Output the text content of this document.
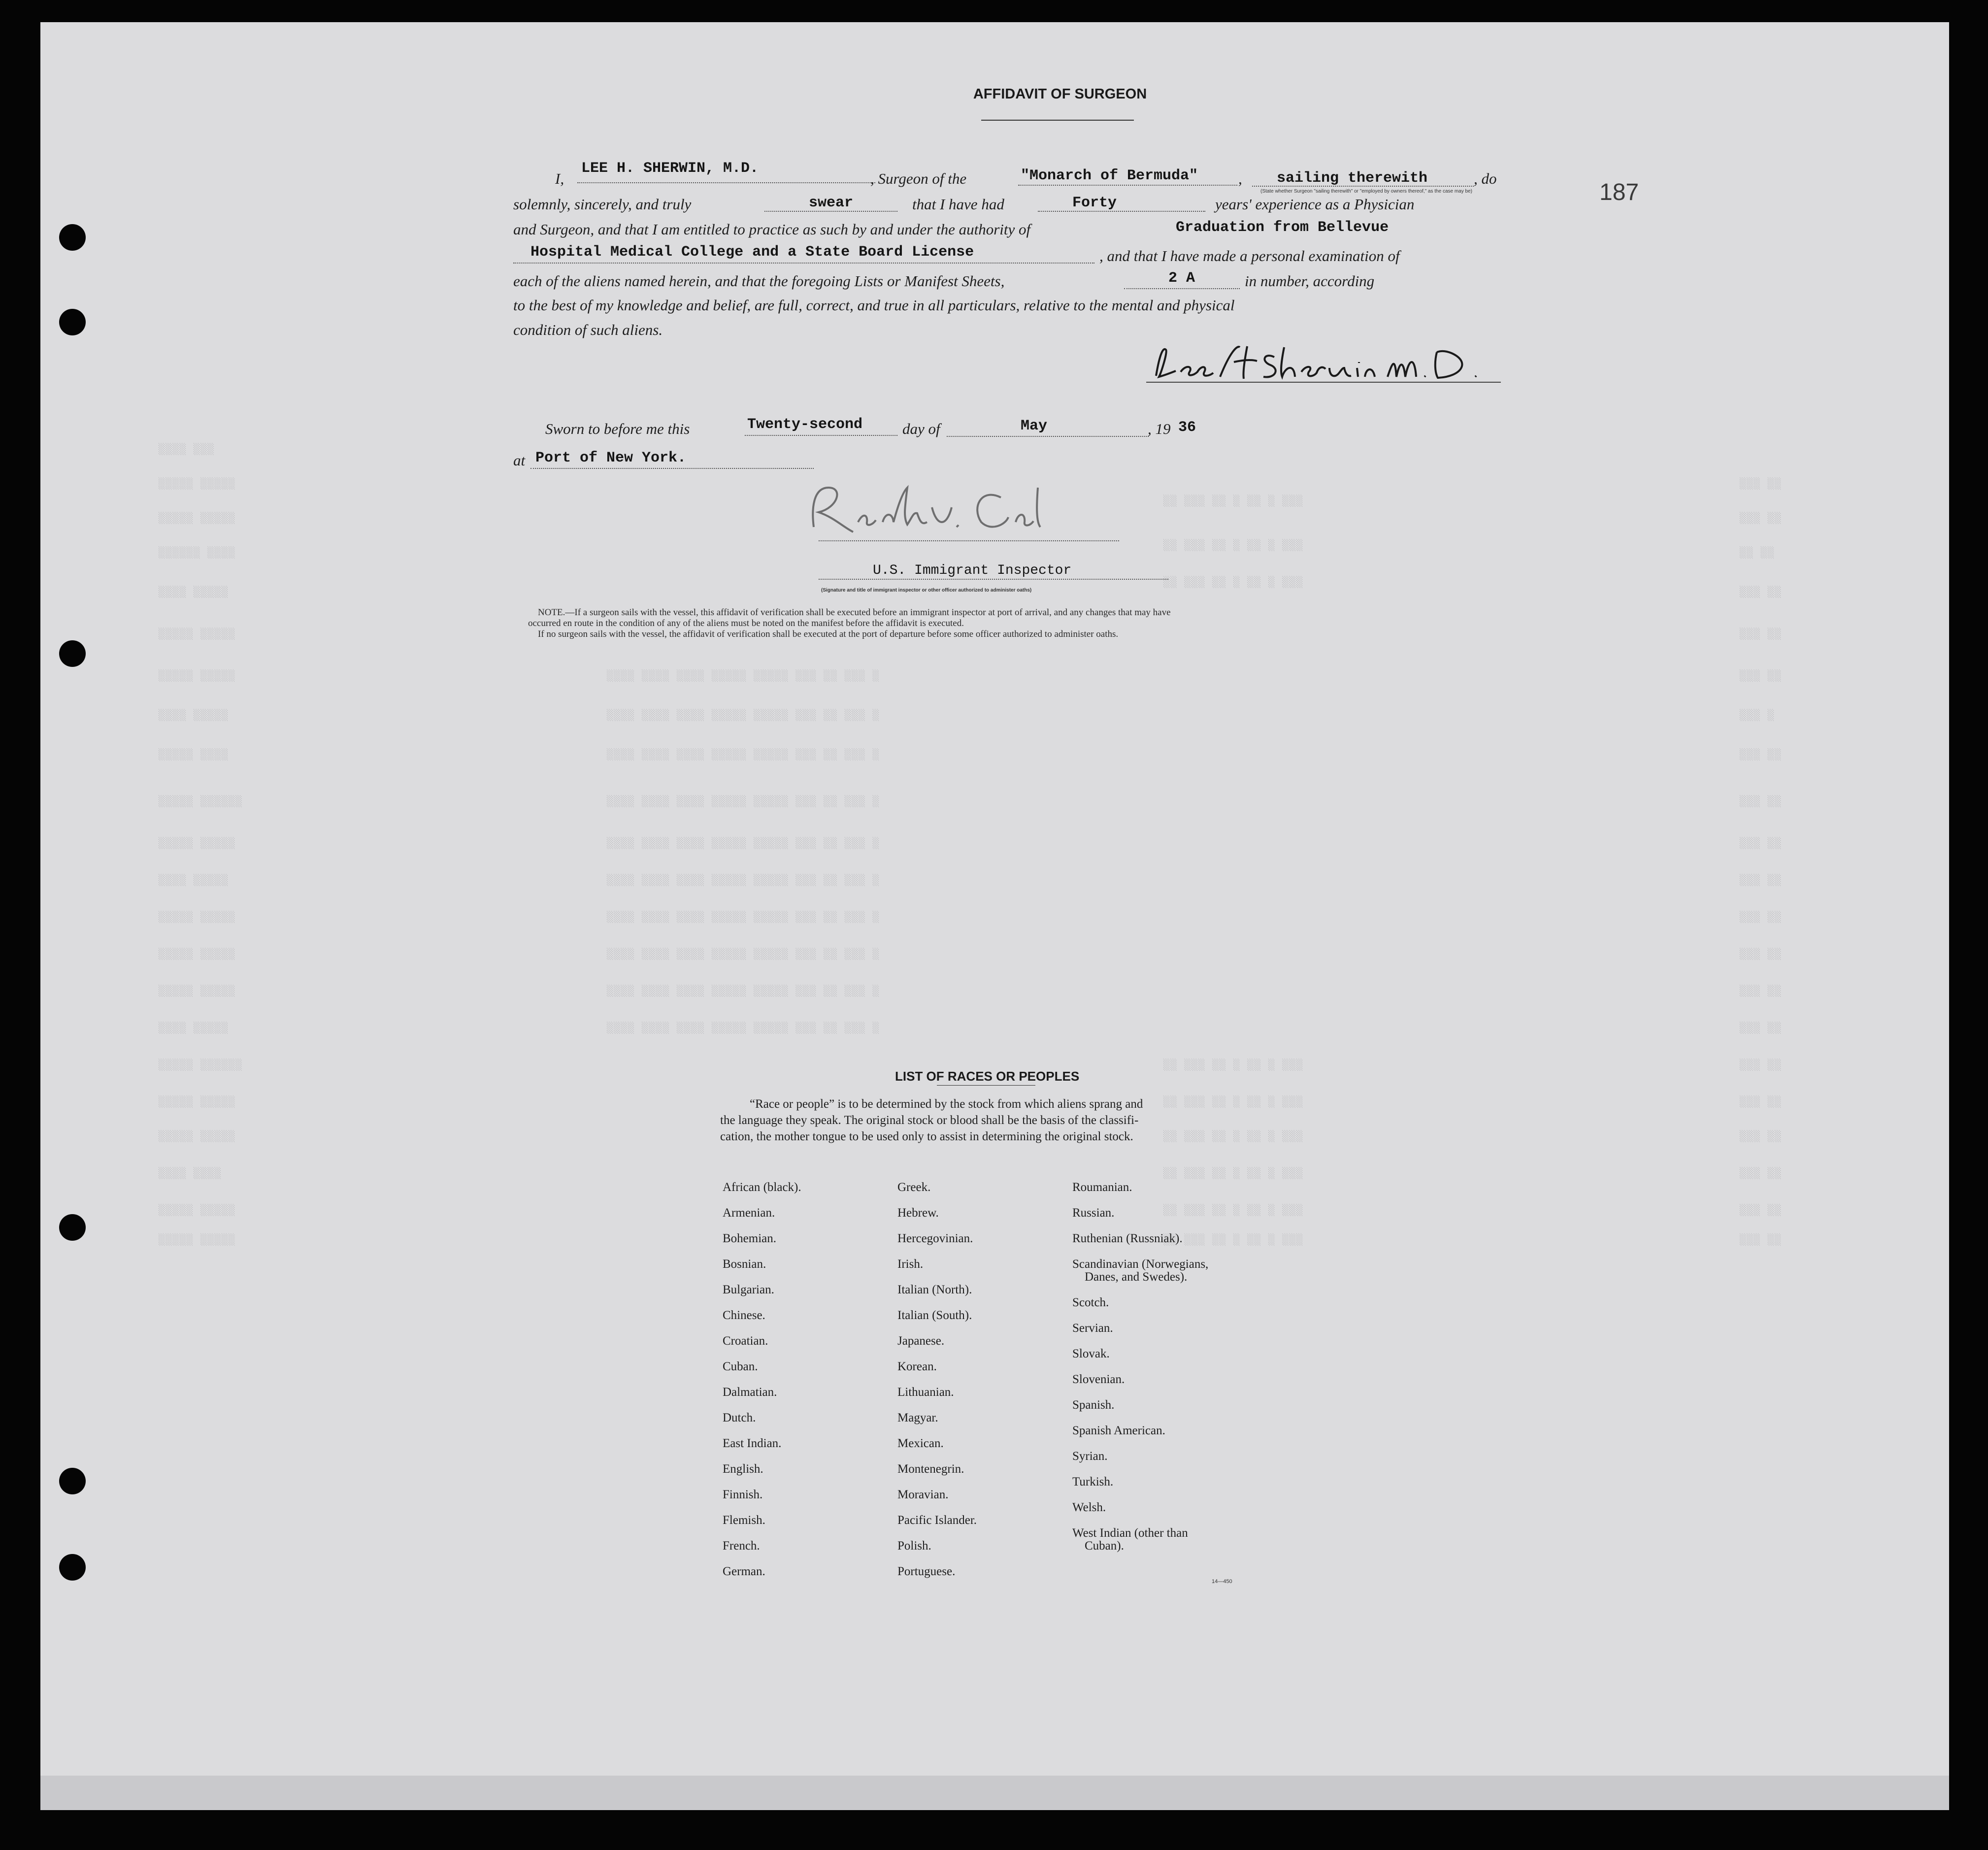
░░░░ ░░░
░░░░░ ░░░░░
░░░░░ ░░░░░
░░░░░░ ░░░░
░░░░ ░░░░░
░░░░░ ░░░░░
░░░░░ ░░░░░
░░░░ ░░░░░
░░░░░ ░░░░
░░░░░ ░░░░░░
░░░░░ ░░░░░
░░░░ ░░░░░
░░░░░ ░░░░░
░░░░░ ░░░░░
░░░░░ ░░░░░
░░░░ ░░░░░
░░░░░ ░░░░░░
░░░░░ ░░░░░
░░░░░ ░░░░░
░░░░ ░░░░
░░░░░ ░░░░░
░░░░░ ░░░░░
░░░░ ░░░░ ░░░░ ░░░░░ ░░░░░ ░░░ ░░ ░░░ ░
░░░░ ░░░░ ░░░░ ░░░░░ ░░░░░ ░░░ ░░ ░░░ ░
░░░░ ░░░░ ░░░░ ░░░░░ ░░░░░ ░░░ ░░ ░░░ ░
░░░░ ░░░░ ░░░░ ░░░░░ ░░░░░ ░░░ ░░ ░░░ ░
░░░░ ░░░░ ░░░░ ░░░░░ ░░░░░ ░░░ ░░ ░░░ ░
░░░░ ░░░░ ░░░░ ░░░░░ ░░░░░ ░░░ ░░ ░░░ ░
░░░░ ░░░░ ░░░░ ░░░░░ ░░░░░ ░░░ ░░ ░░░ ░
░░░░ ░░░░ ░░░░ ░░░░░ ░░░░░ ░░░ ░░ ░░░ ░
░░░░ ░░░░ ░░░░ ░░░░░ ░░░░░ ░░░ ░░ ░░░ ░
░░░░ ░░░░ ░░░░ ░░░░░ ░░░░░ ░░░ ░░ ░░░ ░
░░ ░░░ ░░ ░ ░░ ░ ░░░
░░ ░░░ ░░ ░ ░░ ░ ░░░
░░ ░░░ ░░ ░ ░░ ░ ░░░
░░ ░░░ ░░ ░ ░░ ░ ░░░
░░ ░░░ ░░ ░ ░░ ░ ░░░
░░ ░░░ ░░ ░ ░░ ░ ░░░
░░ ░░░ ░░ ░ ░░ ░ ░░░
░░ ░░░ ░░ ░ ░░ ░ ░░░
░░ ░░░ ░░ ░ ░░ ░ ░░░
░░░ ░░
░░░ ░░
░░ ░░
░░░ ░░
░░░ ░░
░░░ ░░
░░░ ░
░░░ ░░
░░░ ░░
░░░ ░░
░░░ ░░
░░░ ░░
░░░ ░░
░░░ ░░
░░░ ░░
░░░ ░░
░░░ ░░
░░░ ░░
░░░ ░░
░░░ ░░
░░░ ░░
187
AFFIDAVIT OF SURGEON
I,
LEE H. SHERWIN, M.D.
, Surgeon of the	"Monarch of Bermuda"	, sailing therewith	, do
(State whether Surgeon "sailing therewith" or "employed by owners thereof," as the case may be)
solemnly, sincerely, and truly	swear	that I have had	Forty	years' experience as a Physician
and Surgeon, and that I am entitled to practice as such by and under the authority of	Graduation from Bellevue
Hospital Medical College and a State Board License	, and that I have made a personal examination of
each of the aliens named herein, and that the foregoing Lists or Manifest Sheets,	2 A	in number, according
to the best of my knowledge and belief, are full, correct, and true in all particulars, relative to the mental and physical
condition of such aliens.
Sworn to before me this	Twenty-second	day of	May	, 19 36
at Port of New York.
U.S. Immigrant Inspector
(Signature and title of immigrant inspector or other officer authorized to administer oaths)
NOTE.—If a surgeon sails with the vessel, this affidavit of verification shall be executed before an immigrant inspector at port of arrival, and any changes that may have
occurred en route in the condition of any of the aliens must be noted on the manifest before the affidavit is executed.
If no surgeon sails with the vessel, the affidavit of verification shall be executed at the port of departure before some officer authorized to administer oaths.
LIST OF RACES OR PEOPLES
“Race or people” is to be determined by the stock from which aliens sprang and
the language they speak. The original stock or blood shall be the basis of the classifi-
cation, the mother tongue to be used only to assist in determining the original stock.
African (black).
Armenian.
Bohemian.
Bosnian.
Bulgarian.
Chinese.
Croatian.
Cuban.
Dalmatian.
Dutch.
East Indian.
English.
Finnish.
Flemish.
French.
German.
Greek.
Hebrew.
Hercegovinian.
Irish.
Italian (North).
Italian (South).
Japanese.
Korean.
Lithuanian.
Magyar.
Mexican.
Montenegrin.
Moravian.
Pacific Islander.
Polish.
Portuguese.
Roumanian.
Russian.
Ruthenian (Russniak).
Scandinavian (Norwegians,
Danes, and Swedes).
Scotch.
Servian.
Slovak.
Slovenian.
Spanish.
Spanish American.
Syrian.
Turkish.
Welsh.
West Indian (other than
Cuban).
14—450
